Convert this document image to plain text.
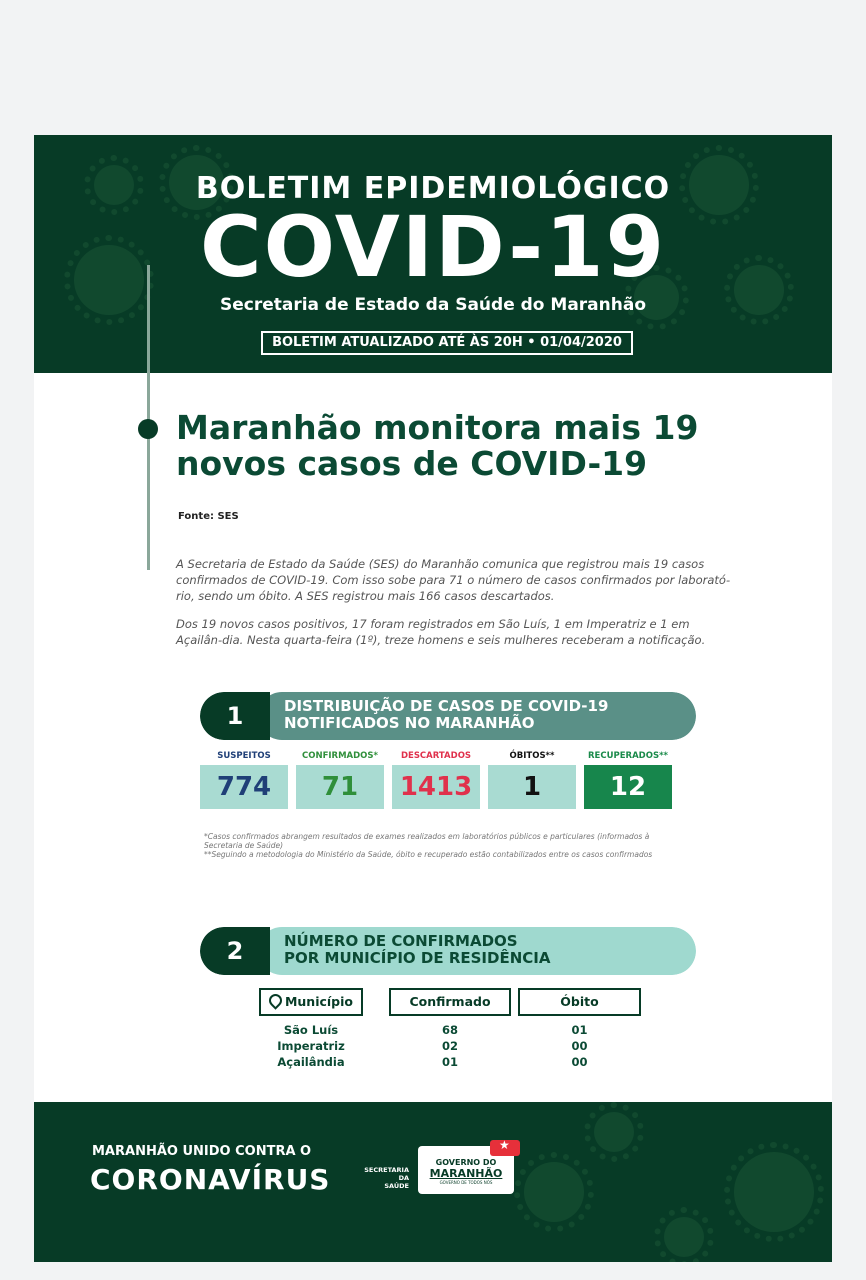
BOLETIM EPIDEMIOLÓGICO
COVID-19
Secretaria de Estado da Saúde do Maranhão
BOLETIM ATUALIZADO ATÉ ÀS 20H • 01/04/2020
Maranhão monitora mais 19 novos casos de COVID-19
Fonte: SES

A Secretaria de Estado da Saúde (SES) do Maranhão comunica que registrou mais 19 casos confirmados de COVID-19. Com isso sobe para 71 o número de casos confirmados por laborató-rio, sendo um óbito. A SES registrou mais 166 casos descartados.

Dos 19 novos casos positivos, 17 foram registrados em São Luís, 1 em Imperatriz e 1 em Açailân-dia. Nesta quarta-feira (1º), treze homens e seis mulheres receberam a notificação.

DISTRIBUIÇÃO DE CASOS DE COVID-19
NOTIFICADOS NO MARANHÃO
1
SUSPEITOS
774
CONFIRMADOS*
71
DESCARTADOS
1413
ÓBITOS**
1
RECUPERADOS**
12
*Casos confirmados abrangem resultados de exames realizados em laboratórios públicos e particulares (informados à Secretaria de Saúde)
**Seguindo a metodologia do Ministério da Saúde, óbito e recuperado estão contabilizados entre os casos confirmados
NÚMERO DE CONFIRMADOS
POR MUNICÍPIO DE RESIDÊNCIA
2
Município	Confirmado	Óbito
São Luís	68	01
Imperatriz	02	00
Açailândia	01	00
MARANHÃO UNIDO CONTRA O
CORONAVÍRUS	SECRETARIA DA
SAÚDE
★
GOVERNO DO
MARANHÃO
GOVERNO DE TODOS NÓS
